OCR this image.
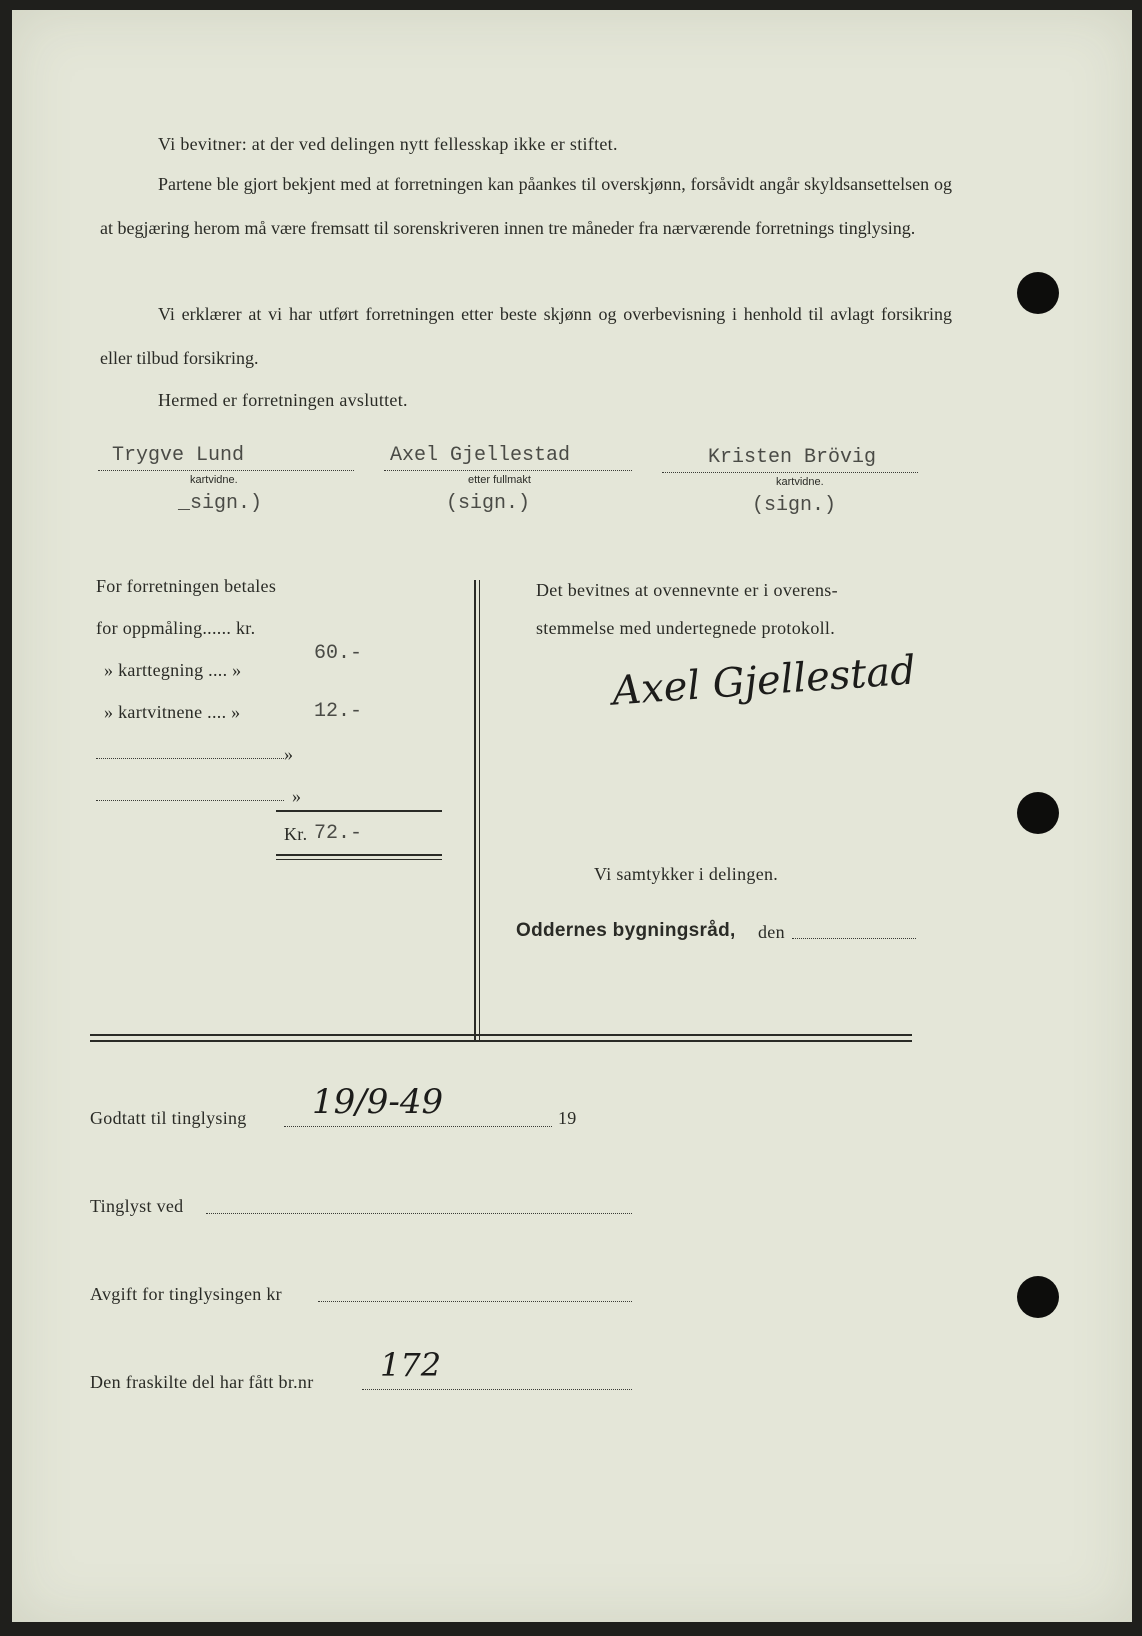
Vi bevitner: at der ved delingen nytt fellesskap ikke er stiftet.
Partene ble gjort bekjent med at forretningen kan påankes til overskjønn, forsåvidt angår skyldsansettelsen og at begjæring herom må være fremsatt til sorenskriveren innen tre måneder fra nærværende forretnings tinglysing.
Vi erklærer at vi har utført forretningen etter beste skjønn og overbevisning i henhold til avlagt forsikring eller tilbud forsikring.
Hermed er forretningen avsluttet.
Trygve Lund
kartvidne.
_sign.)
Axel Gjellestad
etter fullmakt
(sign.)
Kristen Brövig
kartvidne.
(sign.)
For forretningen betales
for oppmåling...... kr.
» karttegning .... »
60.-
» kartvitnene .... »	12.-
»
»
Kr. 72.-
Det bevitnes at ovennevnte er i overens-
stemmelse med undertegnede protokoll.
Axel Gjellestad
Vi samtykker i delingen.
Oddernes bygningsråd, den
Godtatt til tinglysing 19/9-49	19
Tinglyst ved
Avgift for tinglysingen kr
Den fraskilte del har fått br.nr 172
